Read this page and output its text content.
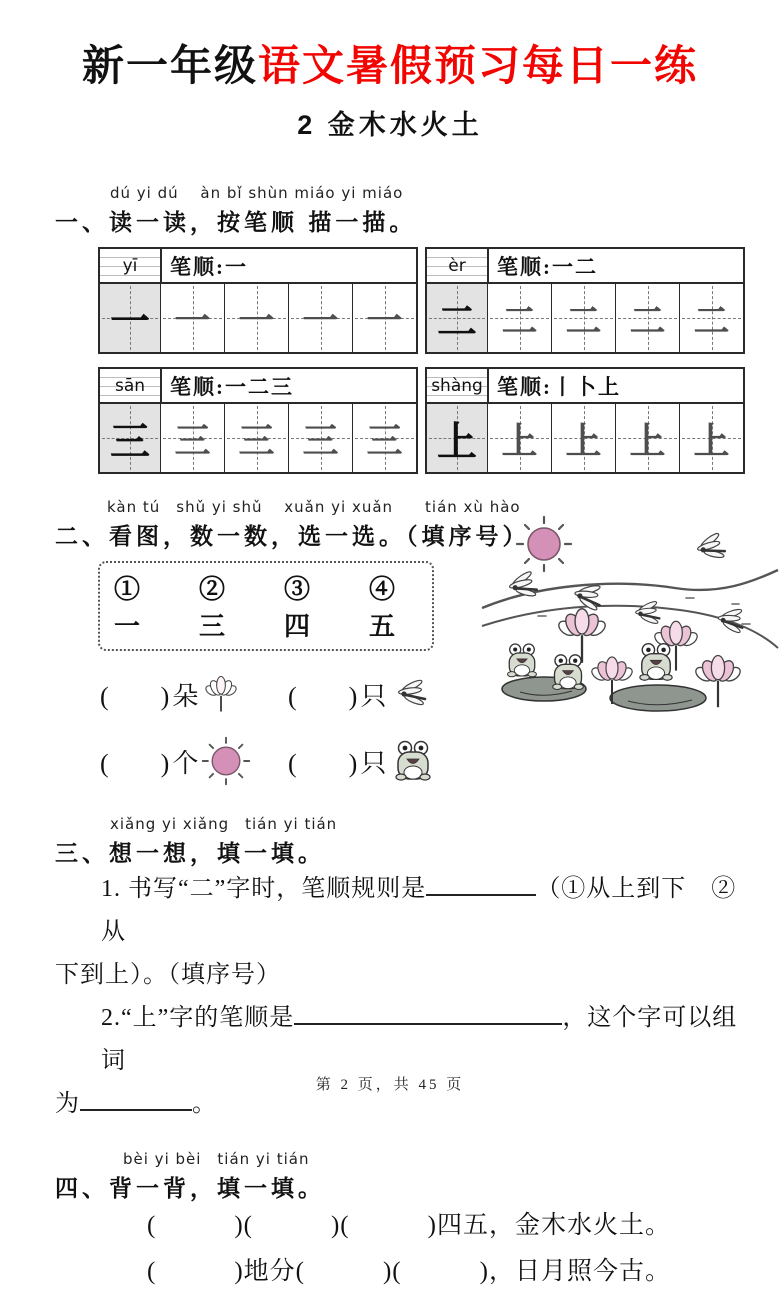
新一年级语文暑假预习每日一练
2 金木水火土
dú yi dú　 àn bǐ shùn miáo yi miáo
一、读一读，按笔顺 描一描。
yī	笔顺: 一
一 一 一 一 一
èr	笔顺: 一二
二 二 二 二 二
sān	笔顺: 一二三
三 三 三 三 三
shàng 笔顺: 丨卜上
上 上 上 上 上
kàn tú　shǔ yi shǔ　 xuǎn yi xuǎn　　tián xù hào
二、看图，数一数，选一选。（填序号）
①一
②三
③四
④五
(　　) 朵	(　　) 只
(　　) 个	(　　) 只
xiǎng yi xiǎng　tián yi tián
三、想一想，填一填。
1. 书写“二”字时，笔顺规则是	（①从上到下　②从
下到上）。（填序号）
2.“上”字的笔顺是	，这个字可以组词
为	。
bèi yi bèi　tián yi tián
四、背一背，填一填。
(　　　)(　　　)(　　　)四五，金木水火土。
(　　　)地分(　　　)(　　　)，日月照今古。
第 2 页，共 45 页
